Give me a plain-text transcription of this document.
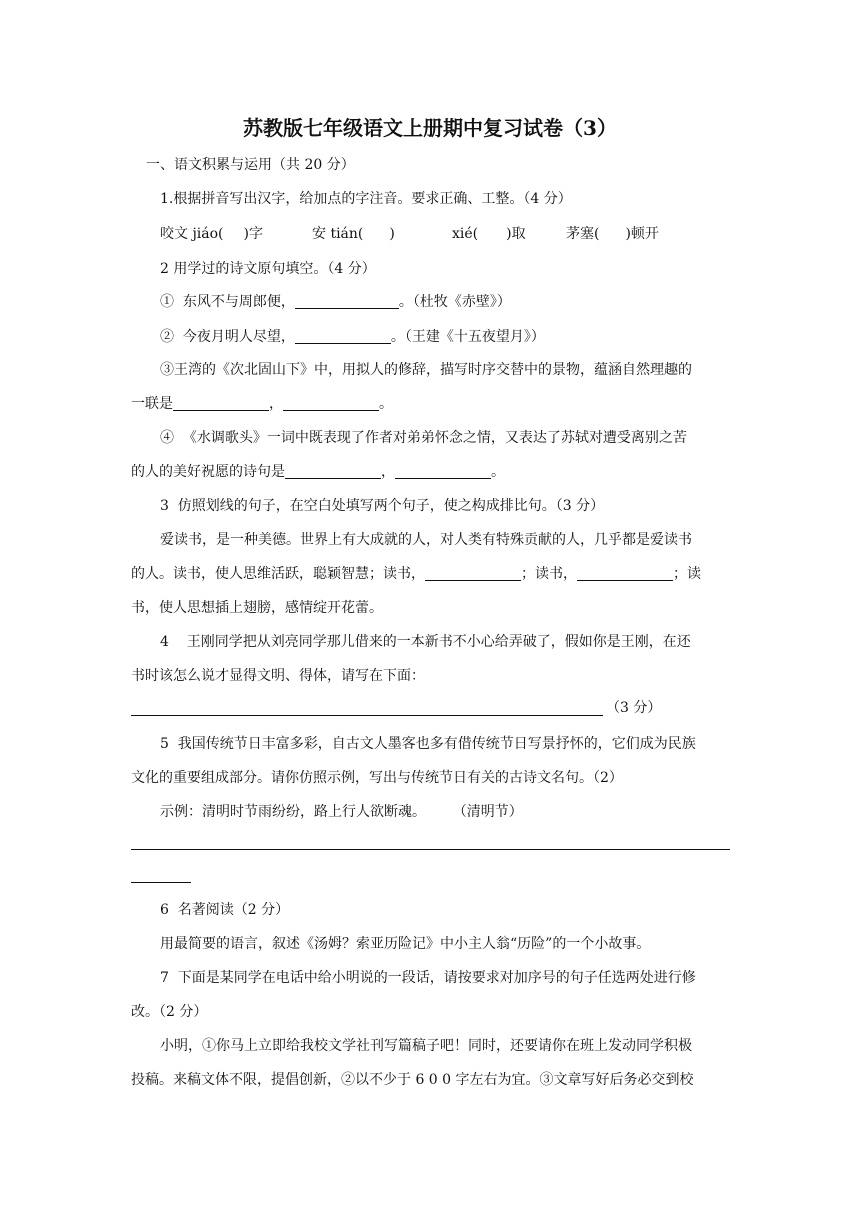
苏教版七年级语文上册期中复习试卷（3）
一、语文积累与运用（共 20 分）
1.根据拼音写出汉字，给加点的字注音。要求正确、工整。（4 分）
咬文 jiáo( )字	安 tián( )	xié( )取	茅塞( )顿开
2 用学过的诗文原句填空。（4 分）
①  东风不与周郎便，	。（杜牧《赤壁》）
②  今夜月明人尽望，	。（王建《十五夜望月》）
③王湾的《次北固山下》中，用拟人的修辞，描写时序交替中的景物，蕴涵自然理趣的
一联是	，	。
④  《水调歌头》一词中既表现了作者对弟弟怀念之情，又表达了苏轼对遭受离别之苦
的人的美好祝愿的诗句是	，	。
3  仿照划线的句子，在空白处填写两个句子，使之构成排比句。（3 分）
爱读书，是一种美德。世界上有大成就的人，对人类有特殊贡献的人，几乎都是爱读书
的人。读书，使人思维活跃，聪颖智慧；读书，	；读书，	；读
书，使人思想插上翅膀，感情绽开花蕾。
4    王刚同学把从刘亮同学那儿借来的一本新书不小心给弄破了，假如你是王刚，在还
书时该怎么说才显得文明、得体，请写在下面：
（3 分）
5  我国传统节日丰富多彩，自古文人墨客也多有借传统节日写景抒怀的，它们成为民族
文化的重要组成部分。请你仿照示例，写出与传统节日有关的古诗文名句。（2）
示例：清明时节雨纷纷，路上行人欲断魂。      （清明节）
6  名著阅读（2 分）
用最简要的语言，叙述《汤姆？索亚历险记》中小主人翁“历险”的一个小故事。
7  下面是某同学在电话中给小明说的一段话，请按要求对加序号的句子任选两处进行修
改。（2 分）
小明，①你马上立即给我校文学社刊写篇稿子吧！同时，还要请你在班上发动同学积极
投稿。来稿文体不限，提倡创新，②以不少于 6 0 0 字左右为宜。③文章写好后务必交到校
